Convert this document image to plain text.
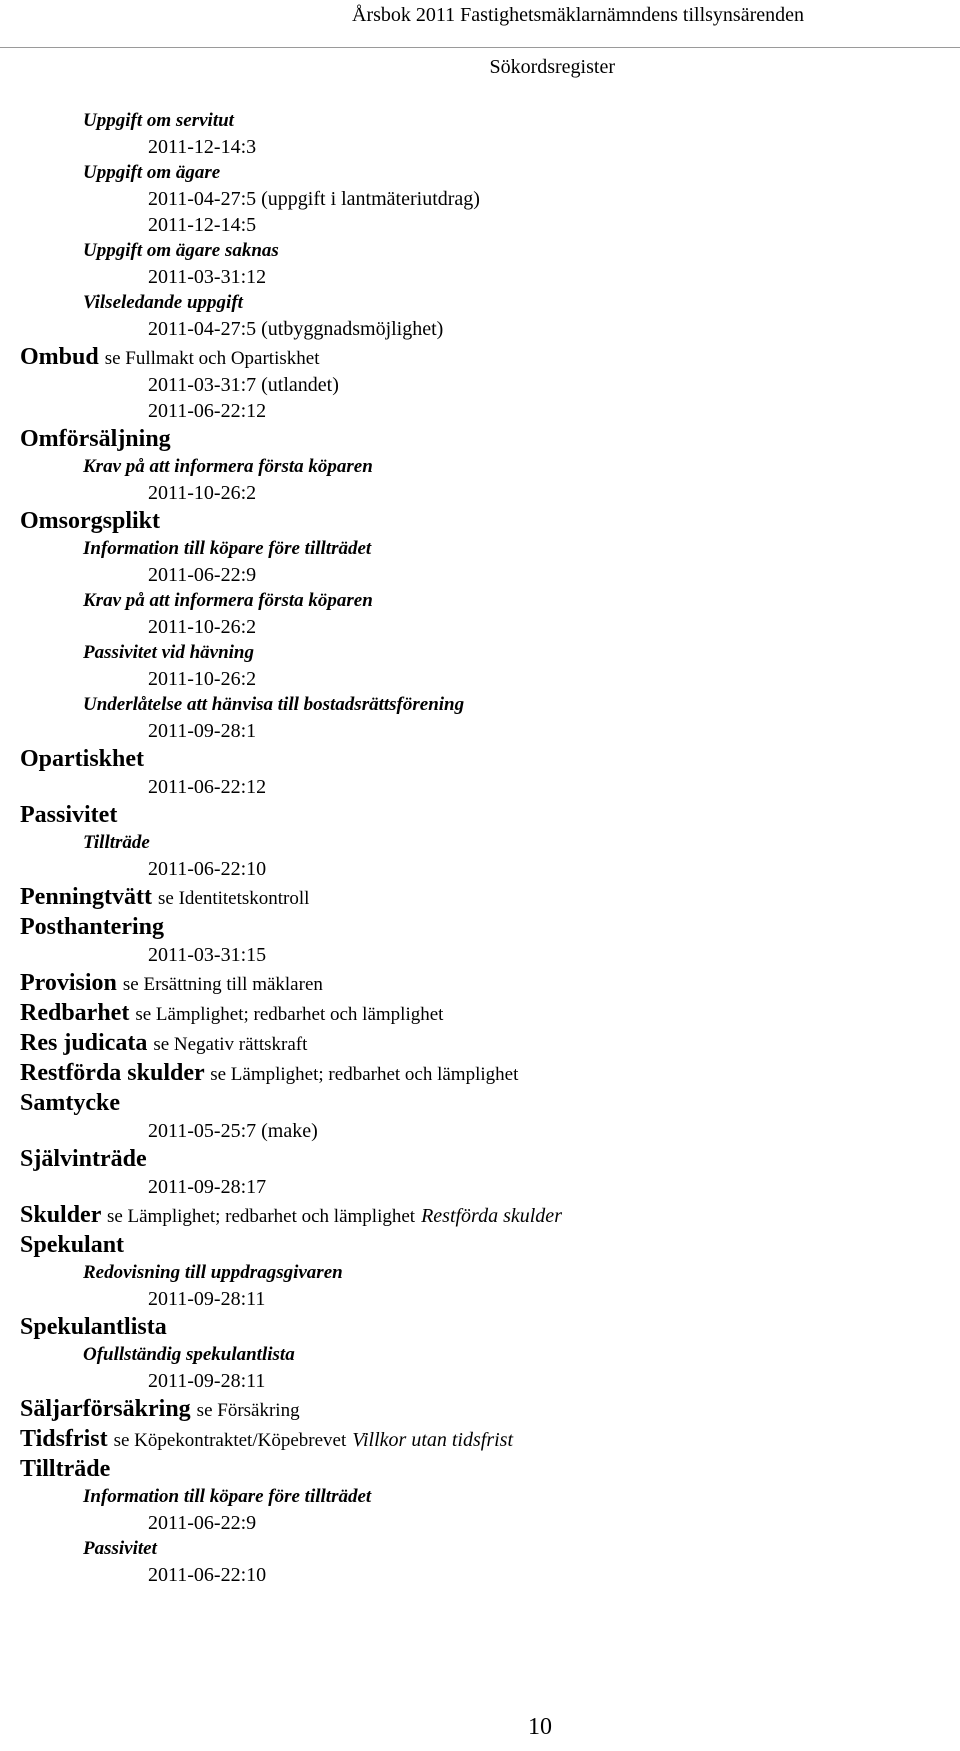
Årsbok 2011 Fastighetsmäklarnämndens tillsynsärenden
Sökordsregister
Uppgift om servitut
2011-12-14:3
Uppgift om ägare
2011-04-27:5 (uppgift i lantmäteriutdrag)
2011-12-14:5
Uppgift om ägare saknas
2011-03-31:12
Vilseledande uppgift
2011-04-27:5 (utbyggnadsmöjlighet)
Ombud se Fullmakt och Opartiskhet
2011-03-31:7 (utlandet)
2011-06-22:12
Omförsäljning
Krav på att informera första köparen
2011-10-26:2
Omsorgsplikt
Information till köpare före tillträdet
2011-06-22:9
Krav på att informera första köparen
2011-10-26:2
Passivitet vid hävning
2011-10-26:2
Underlåtelse att hänvisa till bostadsrättsförening
2011-09-28:1
Opartiskhet
2011-06-22:12
Passivitet
Tillträde
2011-06-22:10
Penningtvätt se Identitetskontroll
Posthantering
2011-03-31:15
Provision se Ersättning till mäklaren
Redbarhet se Lämplighet; redbarhet och lämplighet
Res judicata se Negativ rättskraft
Restförda skulder se Lämplighet; redbarhet och lämplighet
Samtycke
2011-05-25:7 (make)
Självinträde
2011-09-28:17
Skulder se Lämplighet; redbarhet och lämplighet Restförda skulder
Spekulant
Redovisning till uppdragsgivaren
2011-09-28:11
Spekulantlista
Ofullständig spekulantlista
2011-09-28:11
Säljarförsäkring se Försäkring
Tidsfrist se Köpekontraktet/Köpebrevet Villkor utan tidsfrist
Tillträde
Information till köpare före tillträdet
2011-06-22:9
Passivitet
2011-06-22:10
10
